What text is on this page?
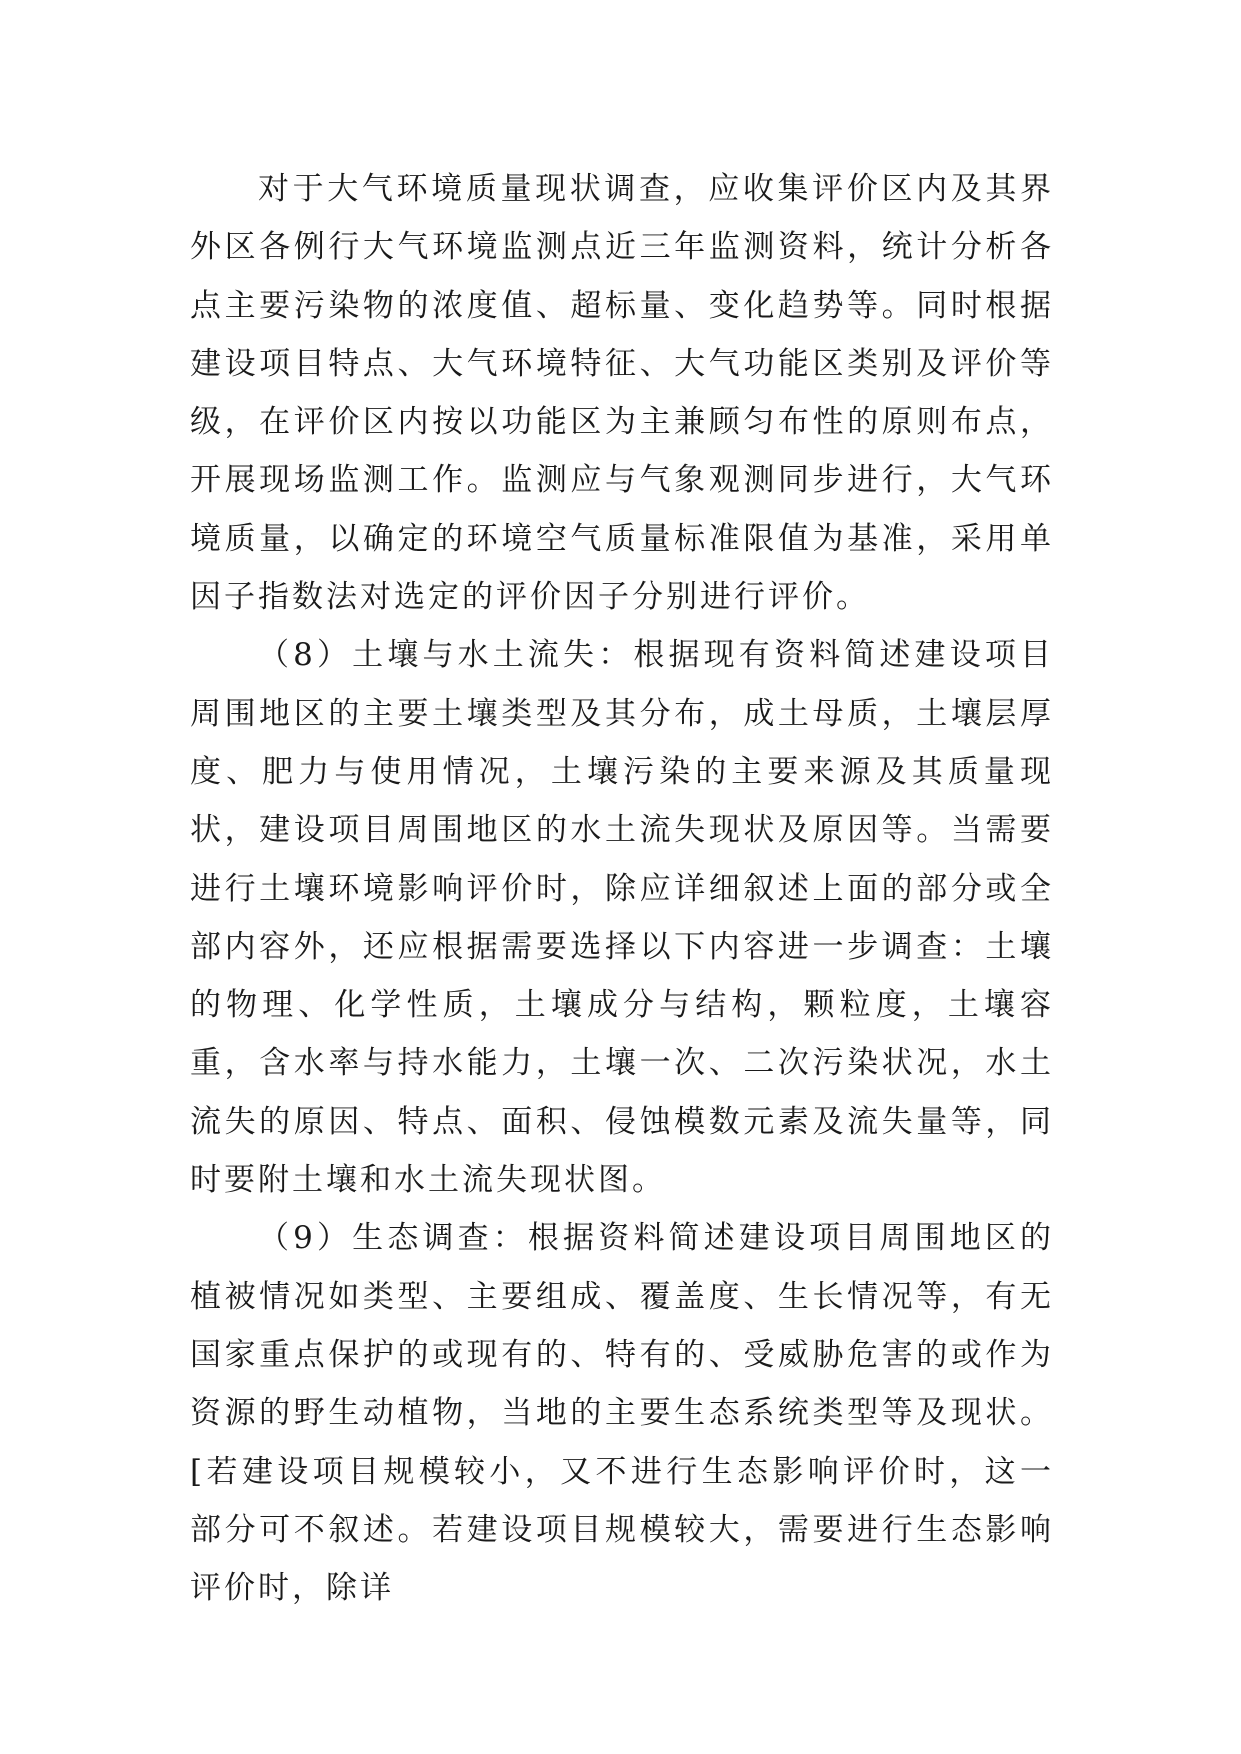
对于大气环境质量现状调查，应收集评价区内及其界外区各例行大气环境监测点近三年监测资料，统计分析各点主要污染物的浓度值、超标量、变化趋势等。同时根据建设项目特点、大气环境特征、大气功能区类别及评价等级，在评价区内按以功能区为主兼顾匀布性的原则布点，开展现场监测工作。监测应与气象观测同步进行，大气环境质量，以确定的环境空气质量标准限值为基准，采用单因子指数法对选定的评价因子分别进行评价。

（8）土壤与水土流失：根据现有资料简述建设项目周围地区的主要土壤类型及其分布，成土母质，土壤层厚度、肥力与使用情况，土壤污染的主要来源及其质量现状，建设项目周围地区的水土流失现状及原因等。当需要进行土壤环境影响评价时，除应详细叙述上面的部分或全部内容外，还应根据需要选择以下内容进一步调查：土壤的物理、化学性质，土壤成分与结构，颗粒度，土壤容重，含水率与持水能力，土壤一次、二次污染状况，水土流失的原因、特点、面积、侵蚀模数元素及流失量等，同时要附土壤和水土流失现状图。

（9）生态调查：根据资料简述建设项目周围地区的植被情况如类型、主要组成、覆盖度、生长情况等，有无国家重点保护的或现有的、特有的、受威胁危害的或作为资源的野生动植物，当地的主要生态系统类型等及现状。[若建设项目规模较小，又不进行生态影响评价时，这一部分可不叙述。若建设项目规模较大，需要进行生态影响评价时，除详
